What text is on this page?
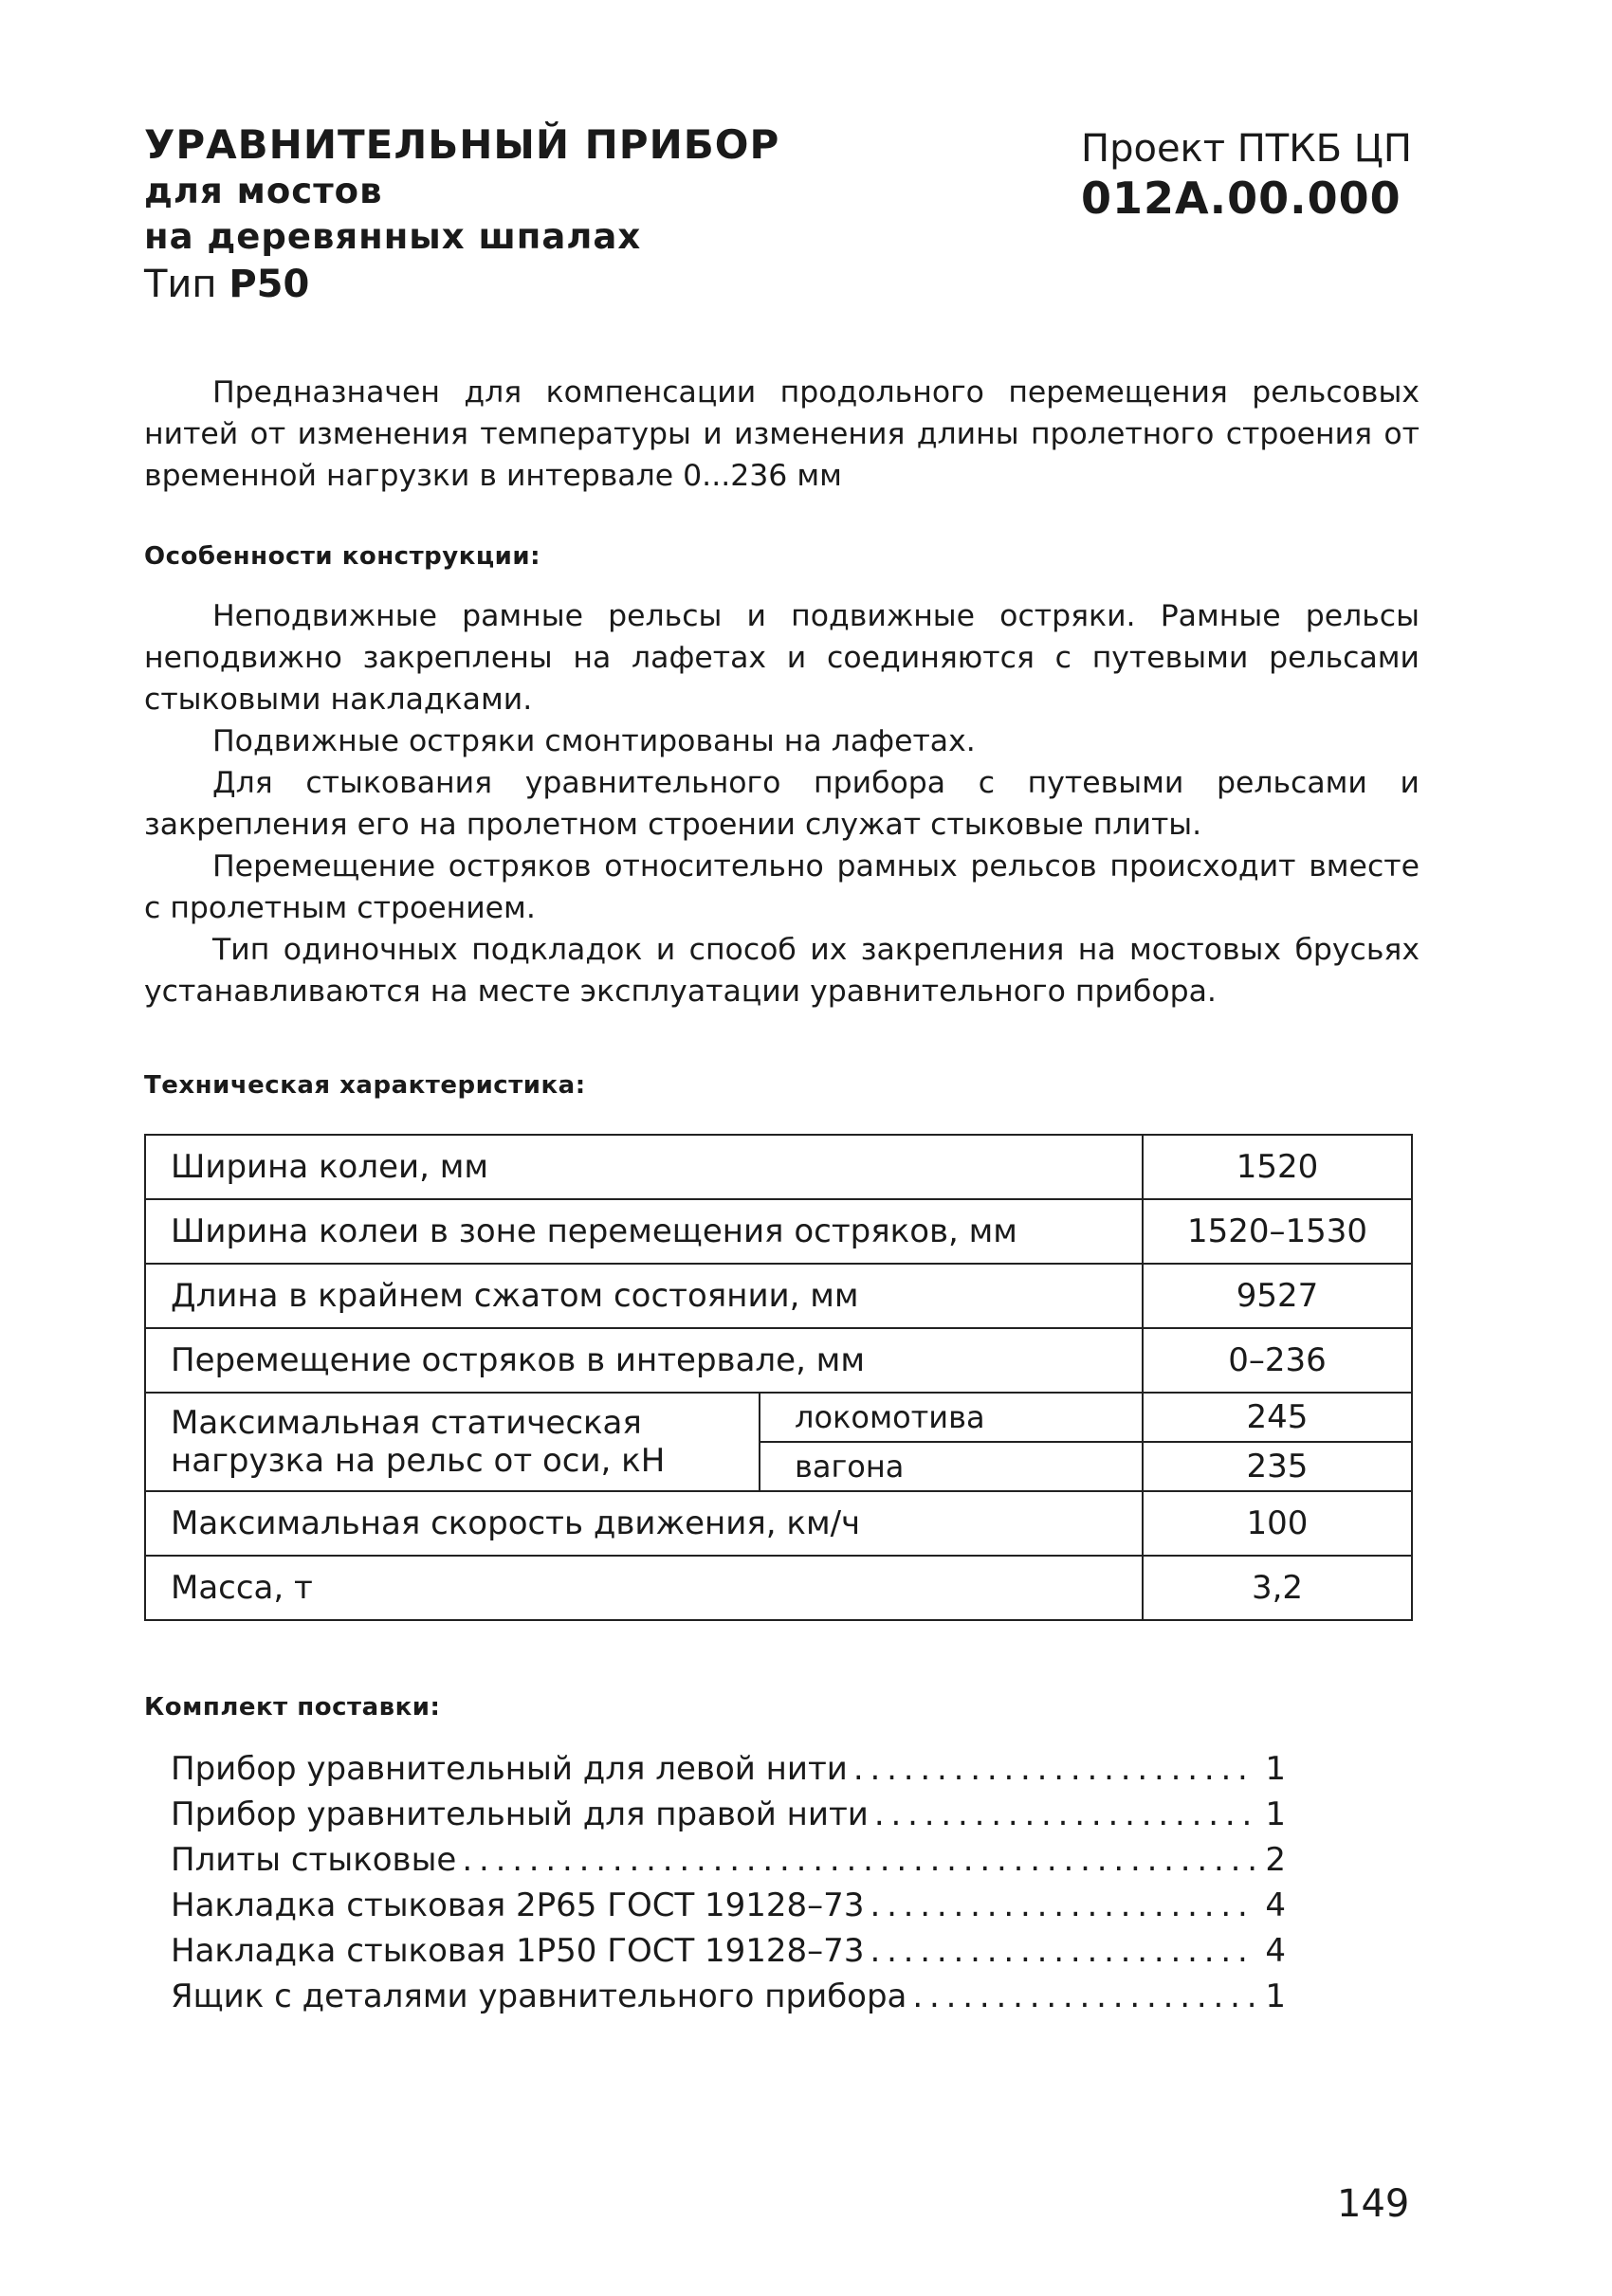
УРАВНИТЕЛЬНЫЙ ПРИБОР
для мостов
на деревянных шпалах
Тип Р50
Проект ПТКБ ЦП
012А.00.000
Предназначен для компенсации продольного перемещения рельсовых нитей от изменения температуры и изменения длины пролетного строения от временной нагрузки в интервале 0...236 мм
Особенности конструкции:

Неподвижные рамные рельсы и подвижные остряки. Рамные рельсы неподвижно закреплены на лафетах и соединяются с путевыми рельсами стыковыми накладками.

Подвижные остряки смонтированы на лафетах.

Для стыкования уравнительного прибора с путевыми рельсами и закрепления его на пролетном строении служат стыковые плиты.

Перемещение остряков относительно рамных рельсов происходит вместе с пролетным строением.

Тип одиночных подкладок и способ их закрепления на мостовых брусьях устанавливаются на месте эксплуатации уравнительного прибора.

Техническая характеристика:
Ширина колеи, мм		1520
Ширина колеи в зоне перемещения остряков, мм		1520–1530
Длина в крайнем сжатом состоянии, мм		9527
Перемещение остряков в интервале, мм		0–236
Максимальная статическая
нагрузка на рельс от оси, кН	локомотива	245
	вагона	235
Максимальная скорость движения, км/ч		100
Масса, т		3,2
Комплект поставки:
Прибор уравнительный для левой нити . . .	1
Прибор уравнительный для правой нити . . .	1
Плиты стыковые . . .	2
Накладка стыковая 2Р65 ГОСТ 19128–73 . . .	4
Накладка стыковая 1Р50 ГОСТ 19128–73 . . .	4
Ящик с деталями уравнительного прибора . . .	1
149
